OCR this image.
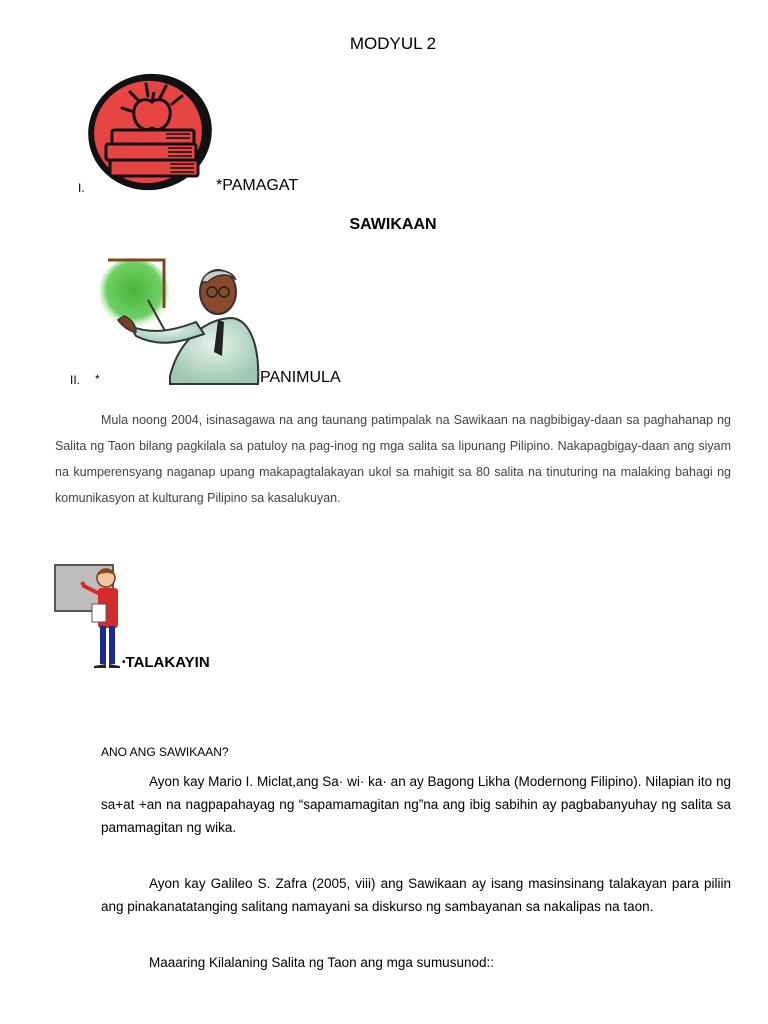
MODYUL 2
I.	*PAMAGAT
SAWIKAAN
II. *	PANIMULA

Mula noong 2004, isinasagawa na ang taunang patimpalak na Sawikaan na nagbibigay-daan sa paghahanap ng Salita ng Taon bilang pagkilala sa patuloy na pag-inog ng mga salita sa lipunang Pilipino. Nakapagbigay-daan ang siyam na kumperensyang naganap upang makapagtalakayan ukol sa mahigit sa 80 salita na tinuturing na malaking bahagi ng komunikasyon at kulturang Pilipino sa kasalukuyan.

•TALAKAYIN
ANO ANG SAWIKAAN?

Ayon kay Mario I. Miclat,ang Sa· wi· ka· an ay Bagong Likha (Modernong Filipino). Nilapian ito ng sa+at +an na nagpapahayag ng “sapamamagitan ng”na ang ibig sabihin ay pagbabanyuhay ng salita sa pamamagitan ng wika.

Ayon kay Galileo S. Zafra (2005, viii) ang Sawikaan ay isang masinsinang talakayan para piliin ang pinakanatatanging salitang namayani sa diskurso ng sambayanan sa nakalipas na taon.

Maaaring Kilalaning Salita ng Taon ang mga sumusunod::
